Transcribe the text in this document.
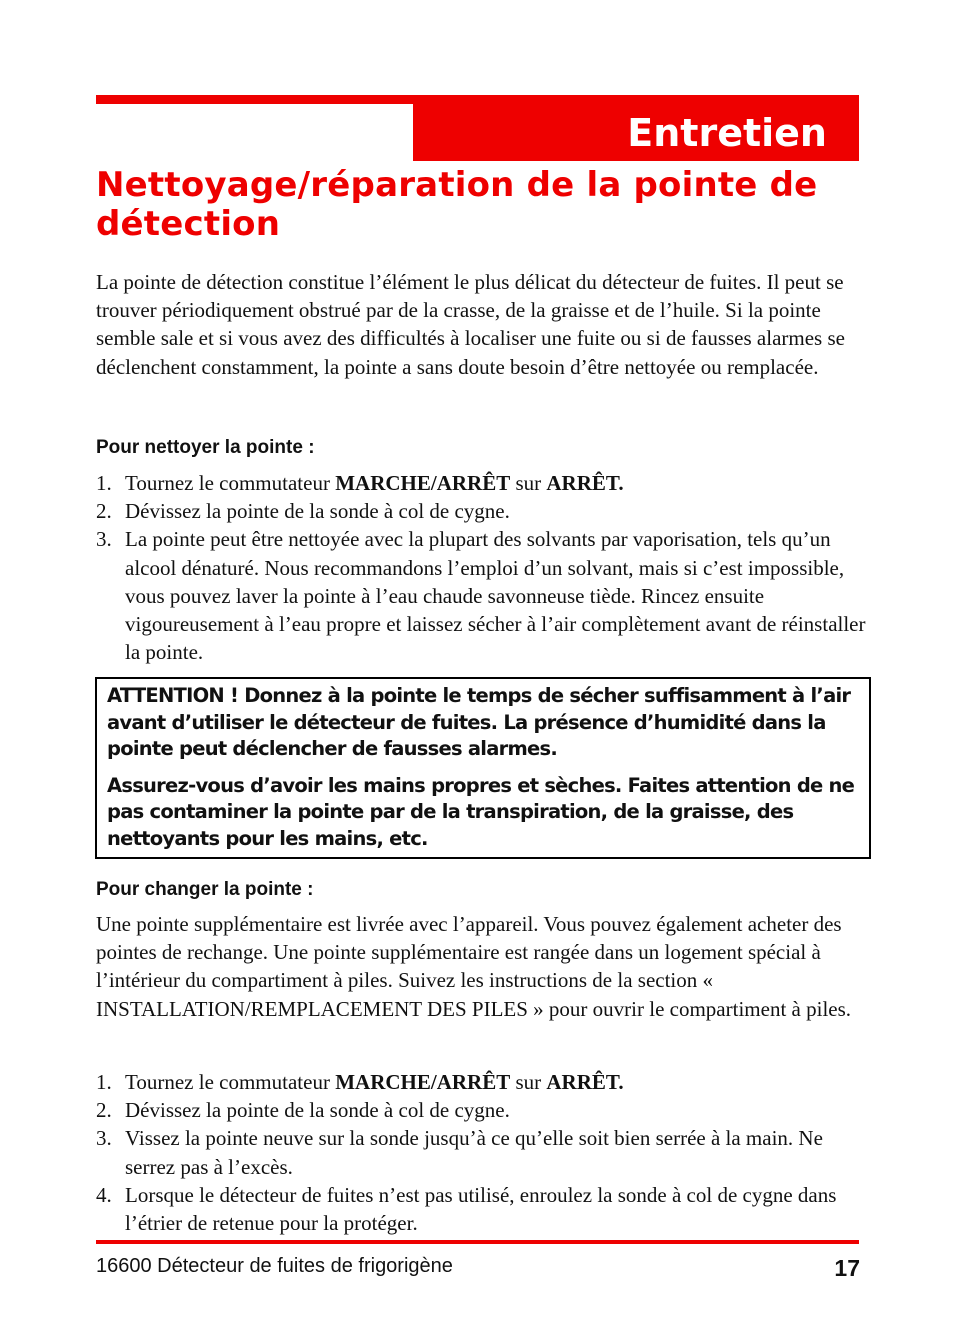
Entretien
Nettoyage/réparation de la pointe de détection

La pointe de détection constitue l’élément le plus délicat du détecteur de fuites. Il peut se trouver périodiquement obstrué par de la crasse, de la graisse et de l’huile. Si la pointe semble sale et si vous avez des difficultés à localiser une fuite ou si de fausses alarmes se déclenchent constamment, la pointe a sans doute besoin d’être nettoyée ou remplacée.

Pour nettoyer la pointe :
1. Tournez le commutateur MARCHE/ARRÊT sur ARRÊT.
2. Dévissez la pointe de la sonde à col de cygne.
3. La pointe peut être nettoyée avec la plupart des solvants par vaporisation, tels qu’un alcool dénaturé. Nous recommandons l’emploi d’un solvant, mais si c’est impossible, vous pouvez laver la pointe à l’eau chaude savonneuse tiède. Rincez ensuite vigoureusement à l’eau propre et laissez sécher à l’air complètement avant de réinstaller la pointe.

ATTENTION ! Donnez à la pointe le temps de sécher suffisamment à l’air avant d’utiliser le détecteur de fuites. La présence d’humidité dans la pointe peut déclencher de fausses alarmes.

Assurez-vous d’avoir les mains propres et sèches. Faites attention de ne pas contaminer la pointe par de la transpiration, de la graisse, des nettoyants pour les mains, etc.

Pour changer la pointe :

Une pointe supplémentaire est livrée avec l’appareil. Vous pouvez également acheter des pointes de rechange. Une pointe supplémentaire est rangée dans un logement spécial à l’intérieur du compartiment à piles. Suivez les instructions de la section « INSTALLATION/REMPLACEMENT DES PILES » pour ouvrir le compartiment à piles.

1. Tournez le commutateur MARCHE/ARRÊT sur ARRÊT.
2. Dévissez la pointe de la sonde à col de cygne.
3. Vissez la pointe neuve sur la sonde jusqu’à ce qu’elle soit bien serrée à la main. Ne serrez pas à l’excès.
4. Lorsque le détecteur de fuites n’est pas utilisé, enroulez la sonde à col de cygne dans l’étrier de retenue pour la protéger.
16600 Détecteur de fuites de frigorigène	17
